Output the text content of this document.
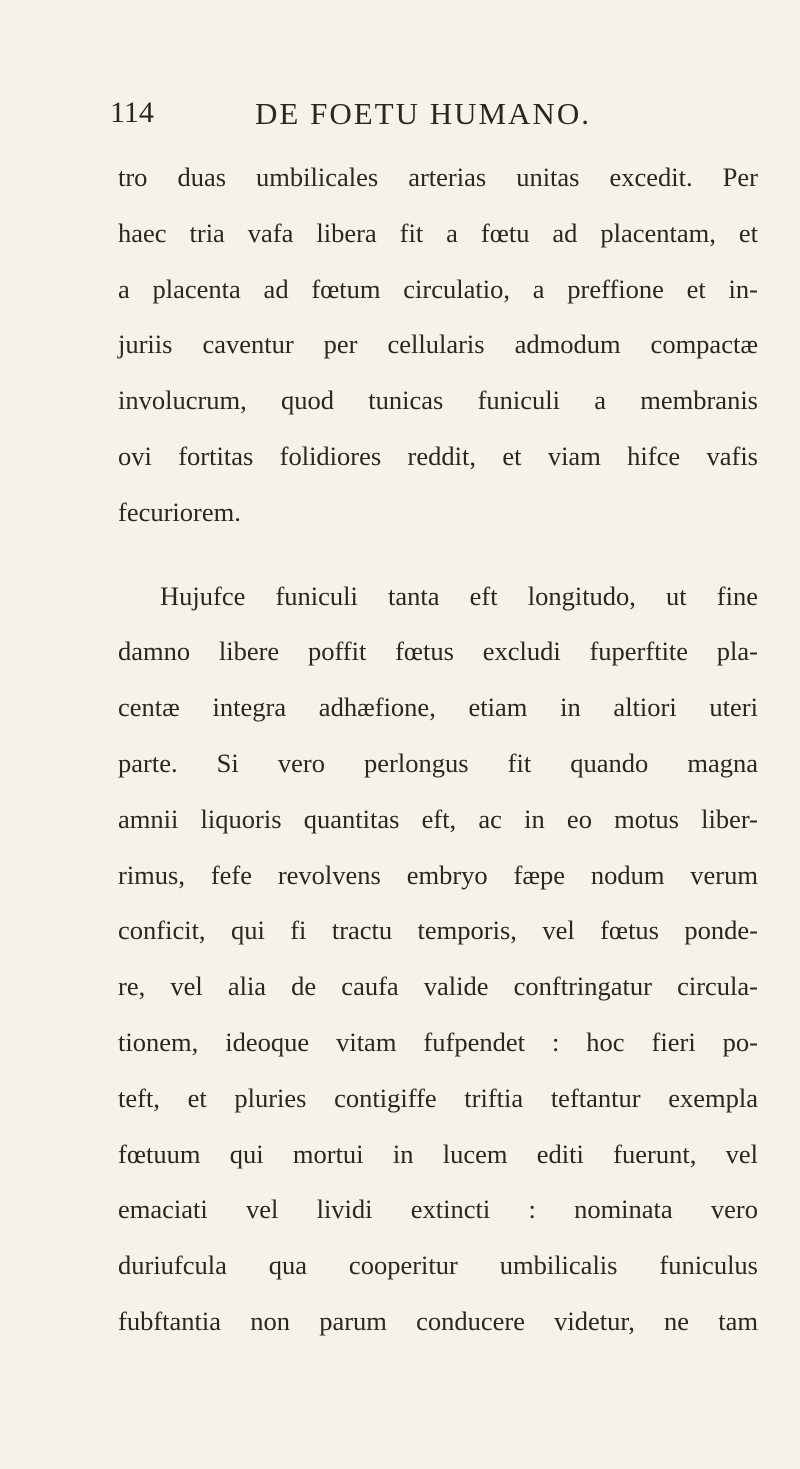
114	DE FOETU HUMANO.
tro duas umbilicales arterias unitas excedit. Per
haec tria vafa libera fit a fœtu ad placentam, et
a placenta ad fœtum circulatio, a preffione et in-
juriis caventur per cellularis admodum compactæ
involucrum, quod tunicas funiculi a membranis
ovi fortitas folidiores reddit, et viam hifce vafis
fecuriorem.
Hujufce funiculi tanta eft longitudo, ut fine
damno libere poffit fœtus excludi fuperftite pla-
centæ integra adhæfione, etiam in altiori uteri
parte. Si vero perlongus fit quando magna
amnii liquoris quantitas eft, ac in eo motus liber-
rimus, fefe revolvens embryo fæpe nodum verum
conficit, qui fi tractu temporis, vel fœtus ponde-
re, vel alia de caufa valide conftringatur circula-
tionem, ideoque vitam fufpendet : hoc fieri po-
teft, et pluries contigiffe triftia teftantur exempla
fœtuum qui mortui in lucem editi fuerunt, vel
emaciati vel lividi extincti : nominata vero
duriufcula qua cooperitur umbilicalis funiculus
fubftantia non parum conducere videtur, ne tam
